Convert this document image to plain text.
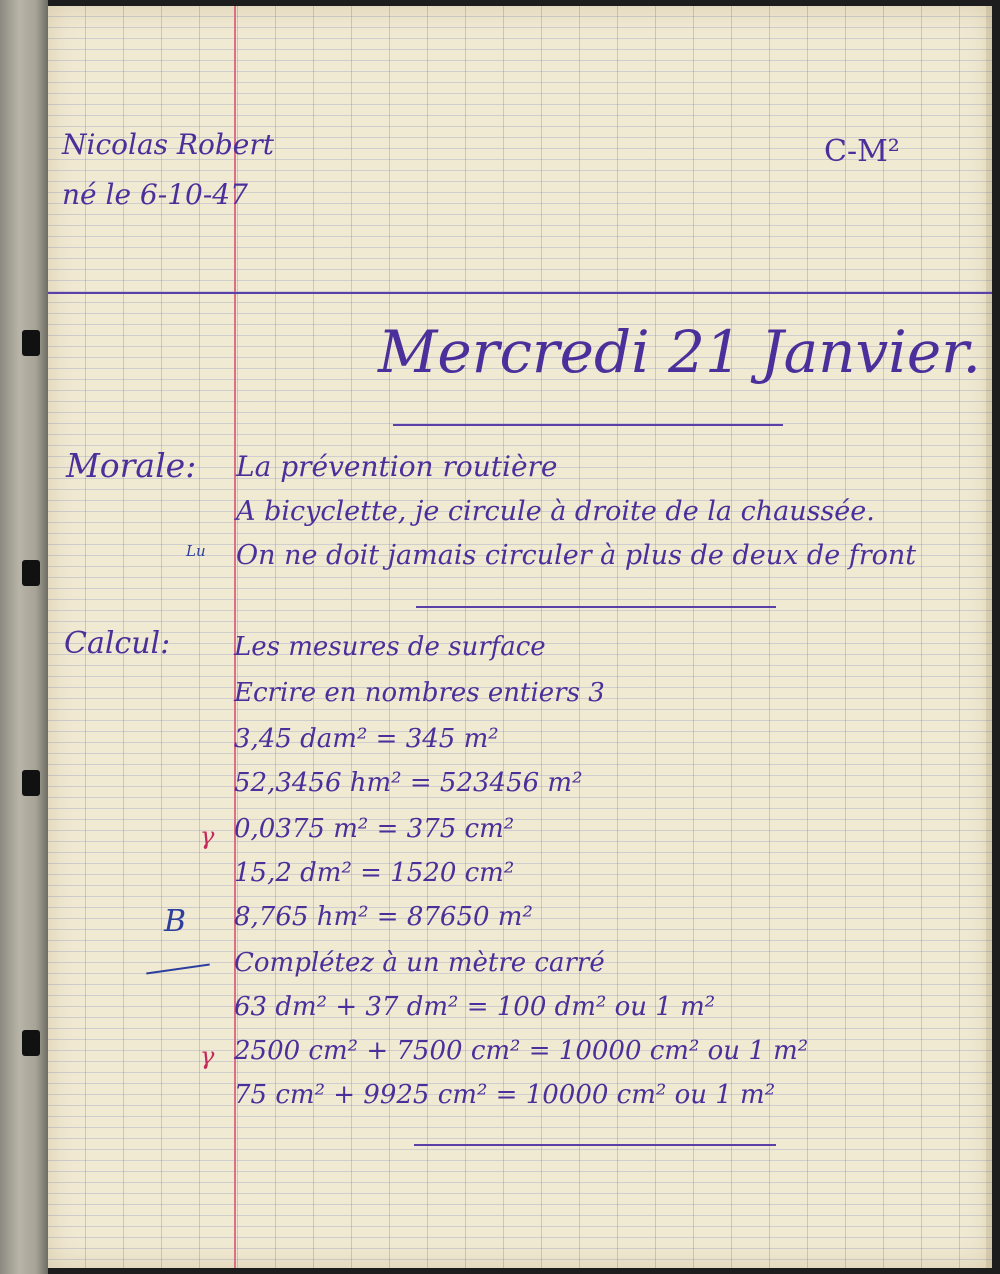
Nicolas Robert
né le 6-10-47
C-M²
Mercredi 21 Janvier.
Morale: La prévention routière
A bicyclette, je circule à droite de la chaussée.
Lu On ne doit jamais circuler à plus de deux de front
Calcul: Les mesures de surface
Ecrire en nombres entiers 3
3,45 dam² = 345 m²
52,3456 hm² = 523456 m²
γ 0,0375 m² = 375 cm²
15,2 dm² = 1520 cm²
B 8,765 hm² = 87650 m²
Complétez à un mètre carré
63 dm² + 37 dm² = 100 dm² ou 1 m²
γ 2500 cm² + 7500 cm² = 10000 cm² ou 1 m²
75 cm² + 9925 cm² = 10000 cm² ou 1 m²
